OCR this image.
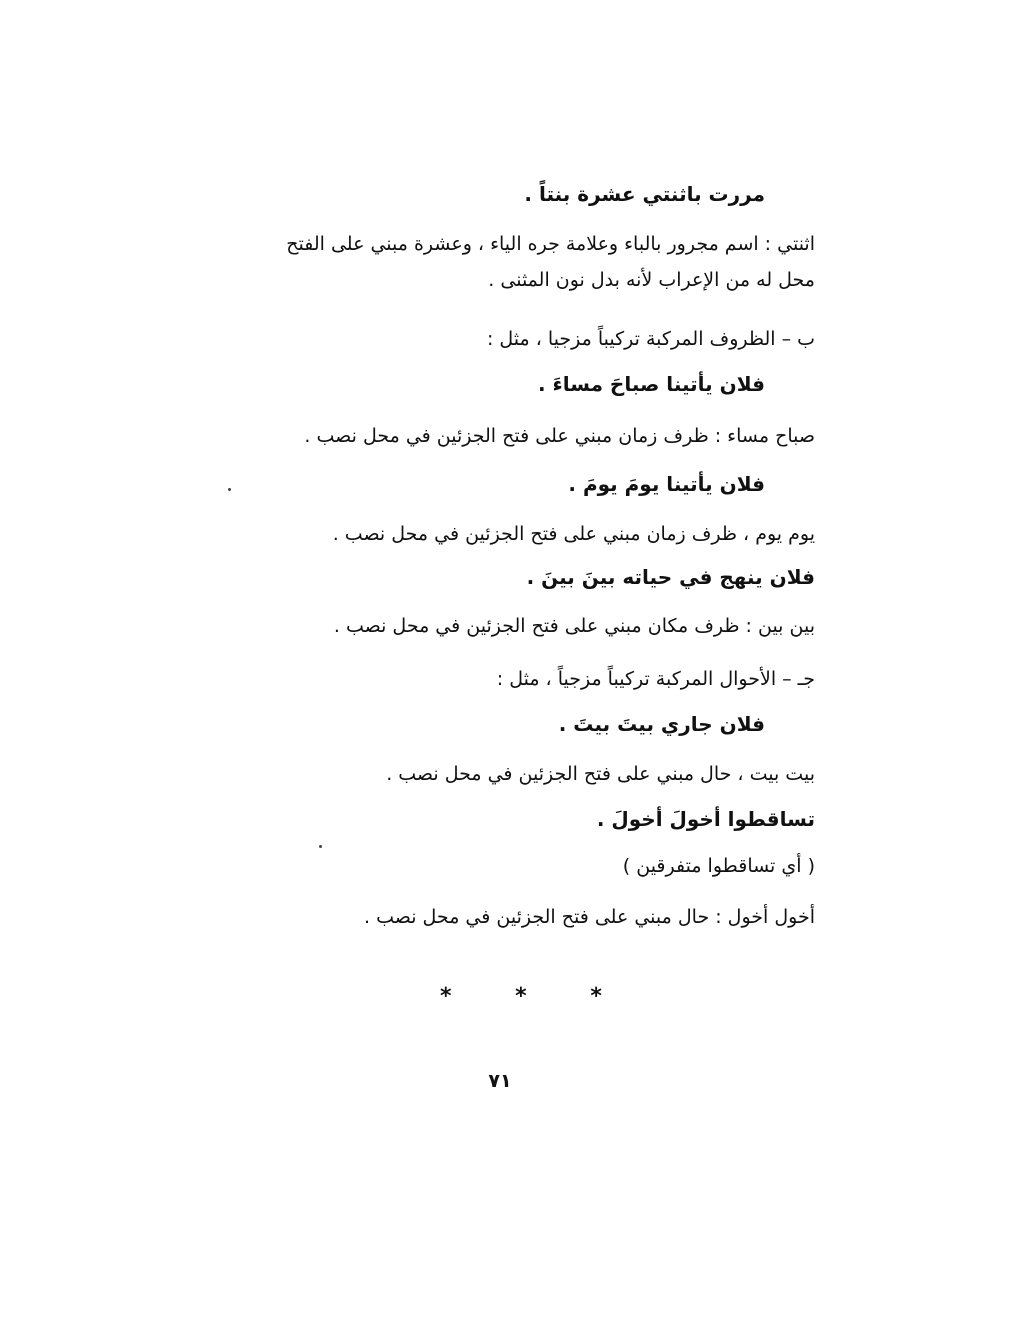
مررت باثنتي عشرة بنتاً .
اثنتي : اسم مجرور بالباء وعلامة جره الياء ، وعشرة مبني على الفتح
محل له من الإعراب لأنه بدل نون المثنى .
ب – الظروف المركبة تركيباً مزجيا ، مثل :
فلان يأتينا صباحَ مساءَ .
صباح مساء : ظرف زمان مبني على فتح الجزئين في محل نصب .
فلان يأتينا يومَ يومَ .
يوم يوم ، ظرف زمان مبني على فتح الجزئين في محل نصب .
فلان ينهج في حياته بينَ بينَ .
بين بين : ظرف مكان مبني على فتح الجزئين في محل نصب .
جـ – الأحوال المركبة تركيباً مزجياً ، مثل :
فلان جاري بيتَ بيتَ .
بيت بيت ، حال مبني على فتح الجزئين في محل نصب .
تساقطوا أخولَ أخولَ .
( أي تساقطوا متفرقين )
أخول أخول : حال مبني على فتح الجزئين في محل نصب .
* * *
٧١
